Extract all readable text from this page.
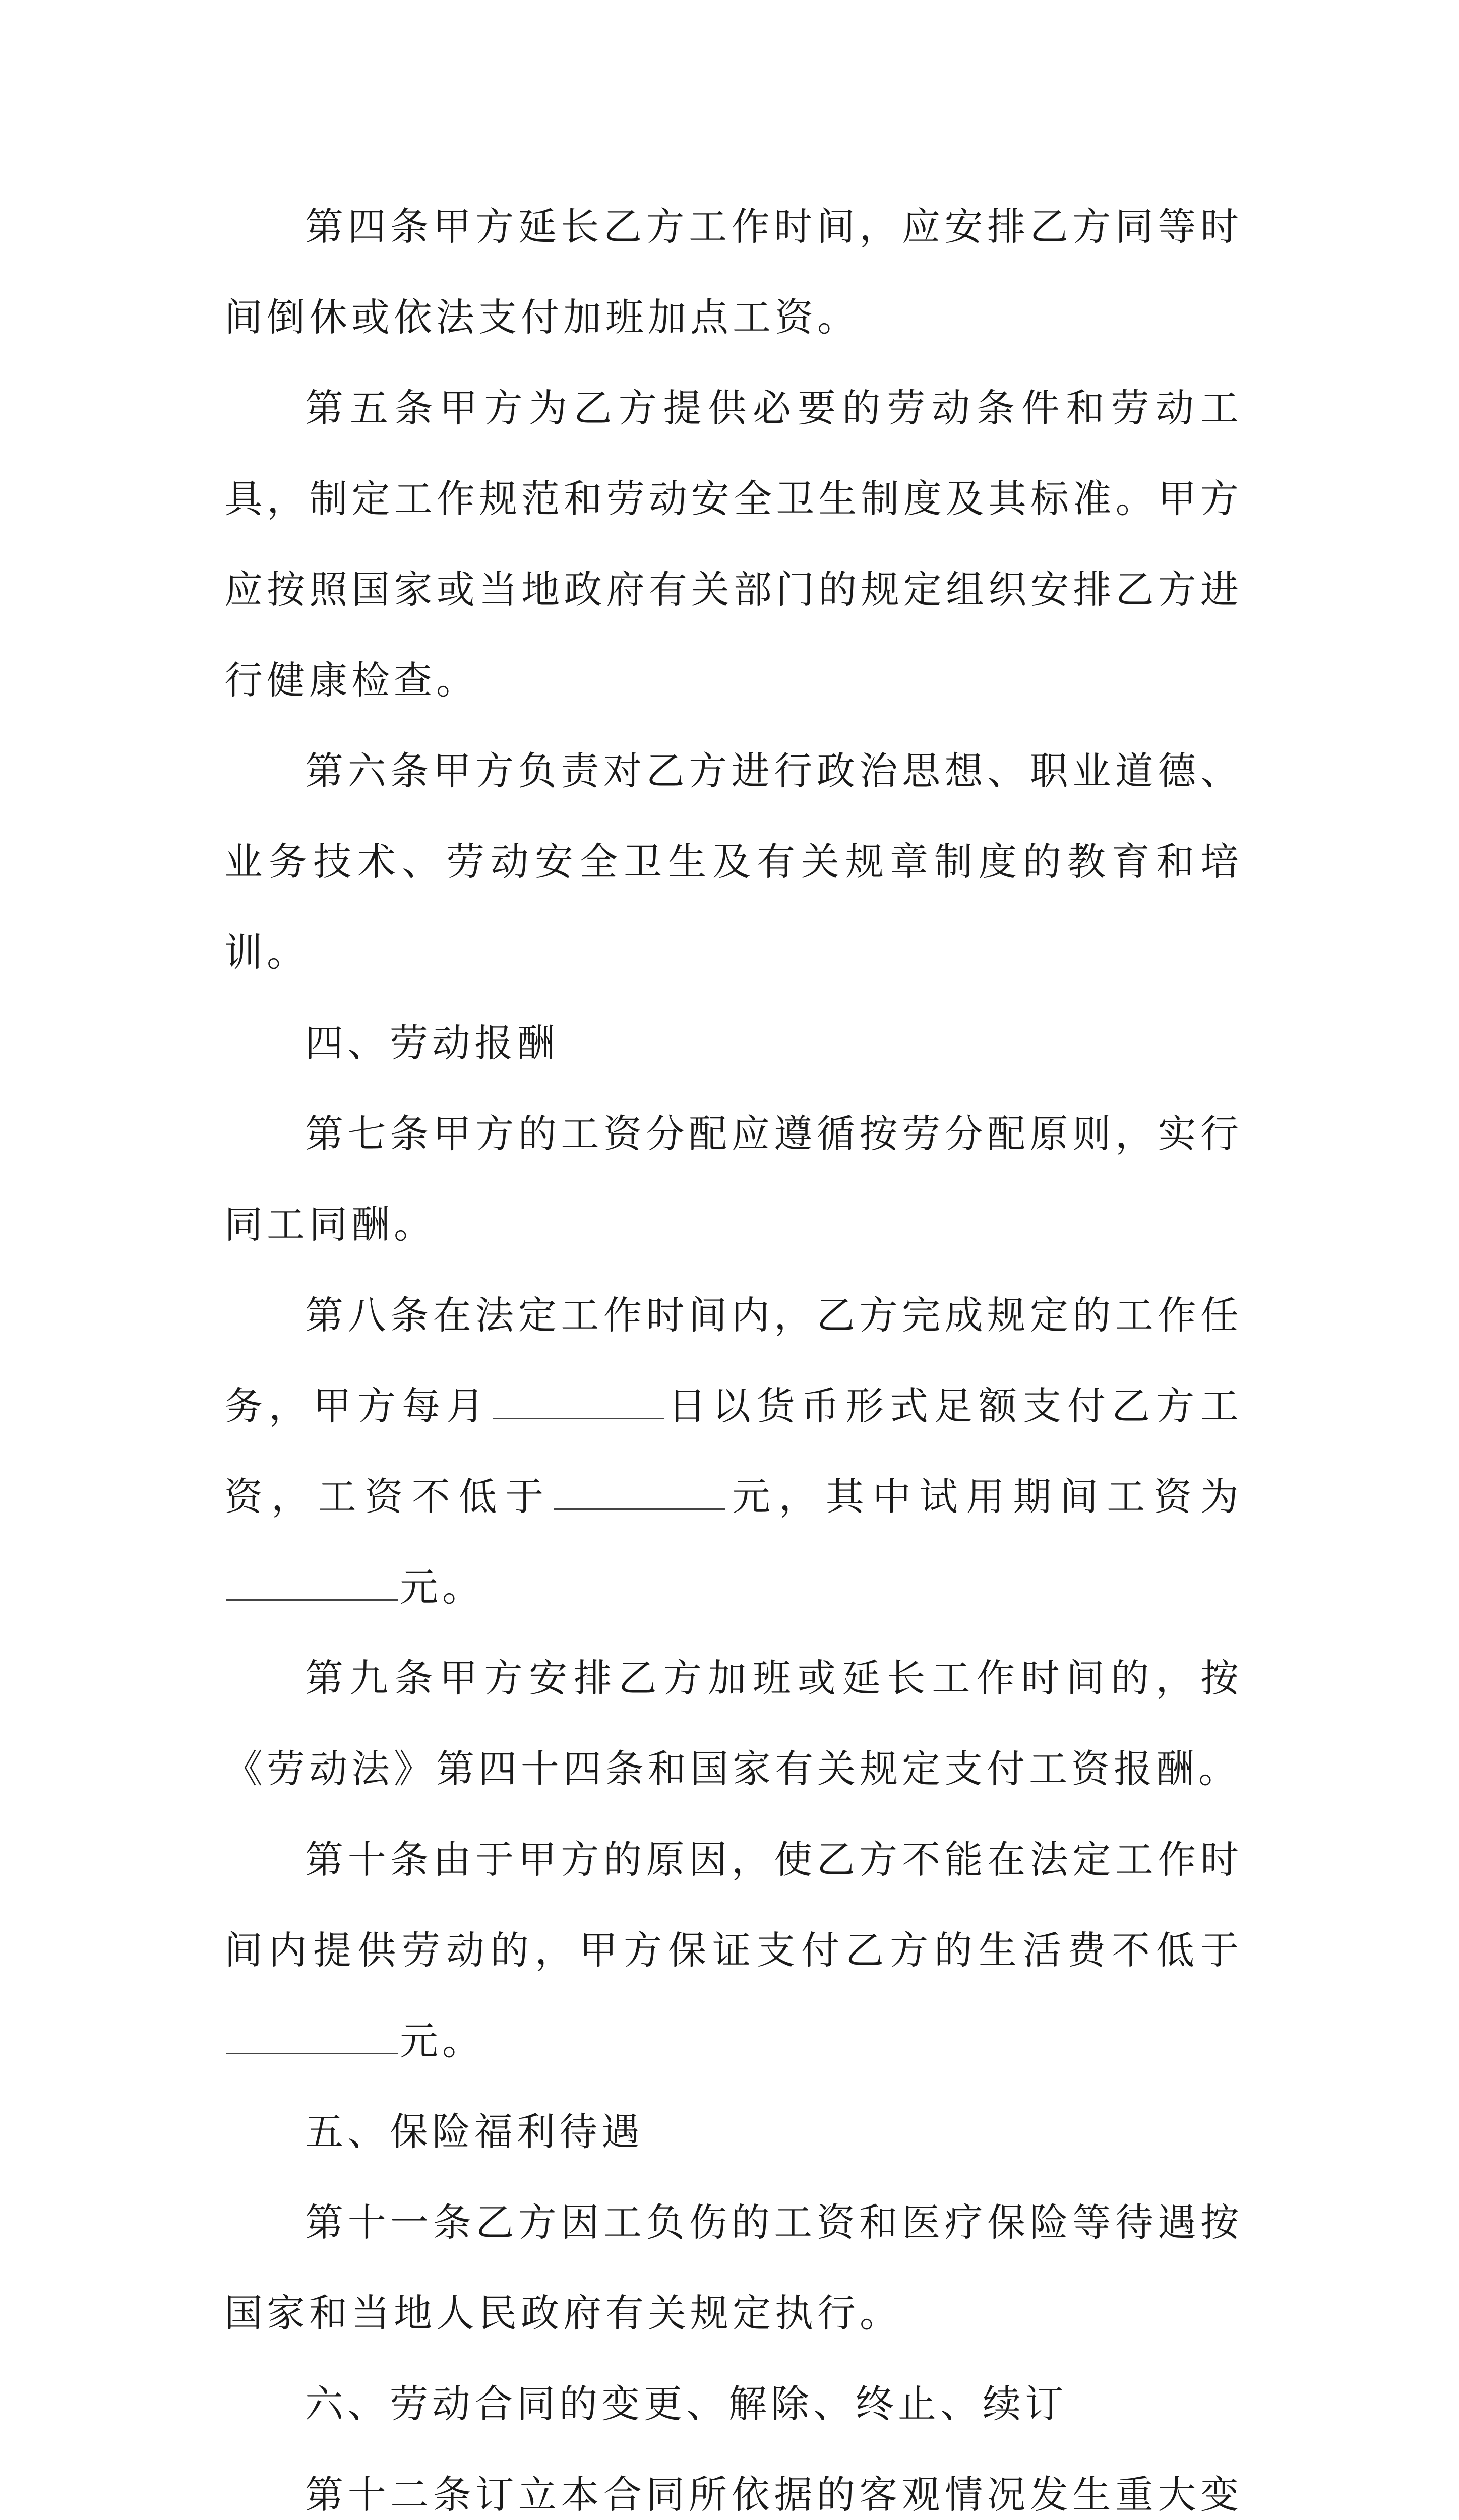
第四条甲方延长乙方工作时间，应安排乙方同等时间倒休或依法支付加班加点工资。

第五条甲方为乙方提供必要的劳动条件和劳动工具，制定工作规范和劳动安全卫生制度及其标准。甲方应按照国家或当地政府有关部门的规定组织安排乙方进行健康检查。

第六条甲方负责对乙方进行政治思想、职业道德、业务技术、劳动安全卫生及有关规章制度的教育和培训。

四、劳动报酬

第七条甲方的工资分配应遵循按劳分配原则，实行同工同酬。

第八条在法定工作时间内，乙方完成规定的工作任务，甲方每月	日以货币形式足额支付乙方工资，工资不低于	元，其中试用期间工资为元。

第九条甲方安排乙方加班或延长工作时间的，按《劳动法》第四十四条和国家有关规定支付工资报酬。

第十条由于甲方的原因，使乙方不能在法定工作时间内提供劳动的，甲方保证支付乙方的生活费不低于元。

五、保险福利待遇

第十一条乙方因工负伤的工资和医疗保险等待遇按国家和当地人民政府有关规定执行。

六、劳动合同的变更、解除、终止、续订

第十二条订立本合同所依据的客观情况发生重大变
